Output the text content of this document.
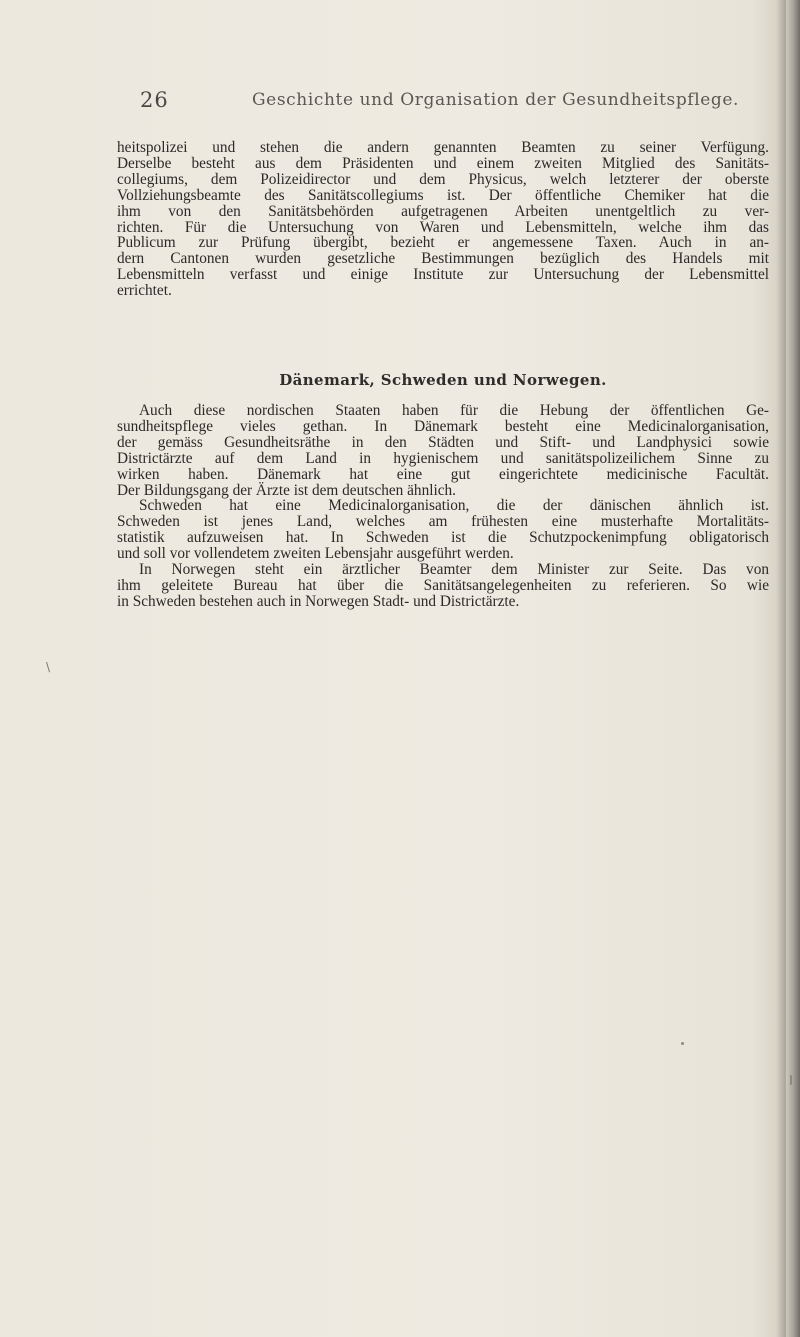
26	Geschichte und Organisation der Gesundheitspflege.
heitspolizei und stehen die andern genannten Beamten zu seiner Verfügung.
Derselbe besteht aus dem Präsidenten und einem zweiten Mitglied des Sanitäts-
collegiums, dem Polizeidirector und dem Physicus, welch letzterer der oberste
Vollziehungsbeamte des Sanitätscollegiums ist. Der öffentliche Chemiker hat die
ihm von den Sanitätsbehörden aufgetragenen Arbeiten unentgeltlich zu ver-
richten. Für die Untersuchung von Waren und Lebensmitteln, welche ihm das
Publicum zur Prüfung übergibt, bezieht er angemessene Taxen. Auch in an-
dern Cantonen wurden gesetzliche Bestimmungen bezüglich des Handels mit
Lebensmitteln verfasst und einige Institute zur Untersuchung der Lebensmittel
errichtet.
Dänemark, Schweden und Norwegen.
Auch diese nordischen Staaten haben für die Hebung der öffentlichen Ge-
sundheitspflege vieles gethan. In Dänemark besteht eine Medicinalorganisation,
der gemäss Gesundheitsräthe in den Städten und Stift- und Landphysici sowie
Districtärzte auf dem Land in hygienischem und sanitätspolizeilichem Sinne zu
wirken haben. Dänemark hat eine gut eingerichtete medicinische Facultät.
Der Bildungsgang der Ärzte ist dem deutschen ähnlich.
Schweden hat eine Medicinalorganisation, die der dänischen ähnlich ist.
Schweden ist jenes Land, welches am frühesten eine musterhafte Mortalitäts-
statistik aufzuweisen hat. In Schweden ist die Schutzpockenimpfung obligatorisch
und soll vor vollendetem zweiten Lebensjahr ausgeführt werden.
In Norwegen steht ein ärztlicher Beamter dem Minister zur Seite. Das von
ihm geleitete Bureau hat über die Sanitätsangelegenheiten zu referieren. So wie
in Schweden bestehen auch in Norwegen Stadt- und Districtärzte.
\
